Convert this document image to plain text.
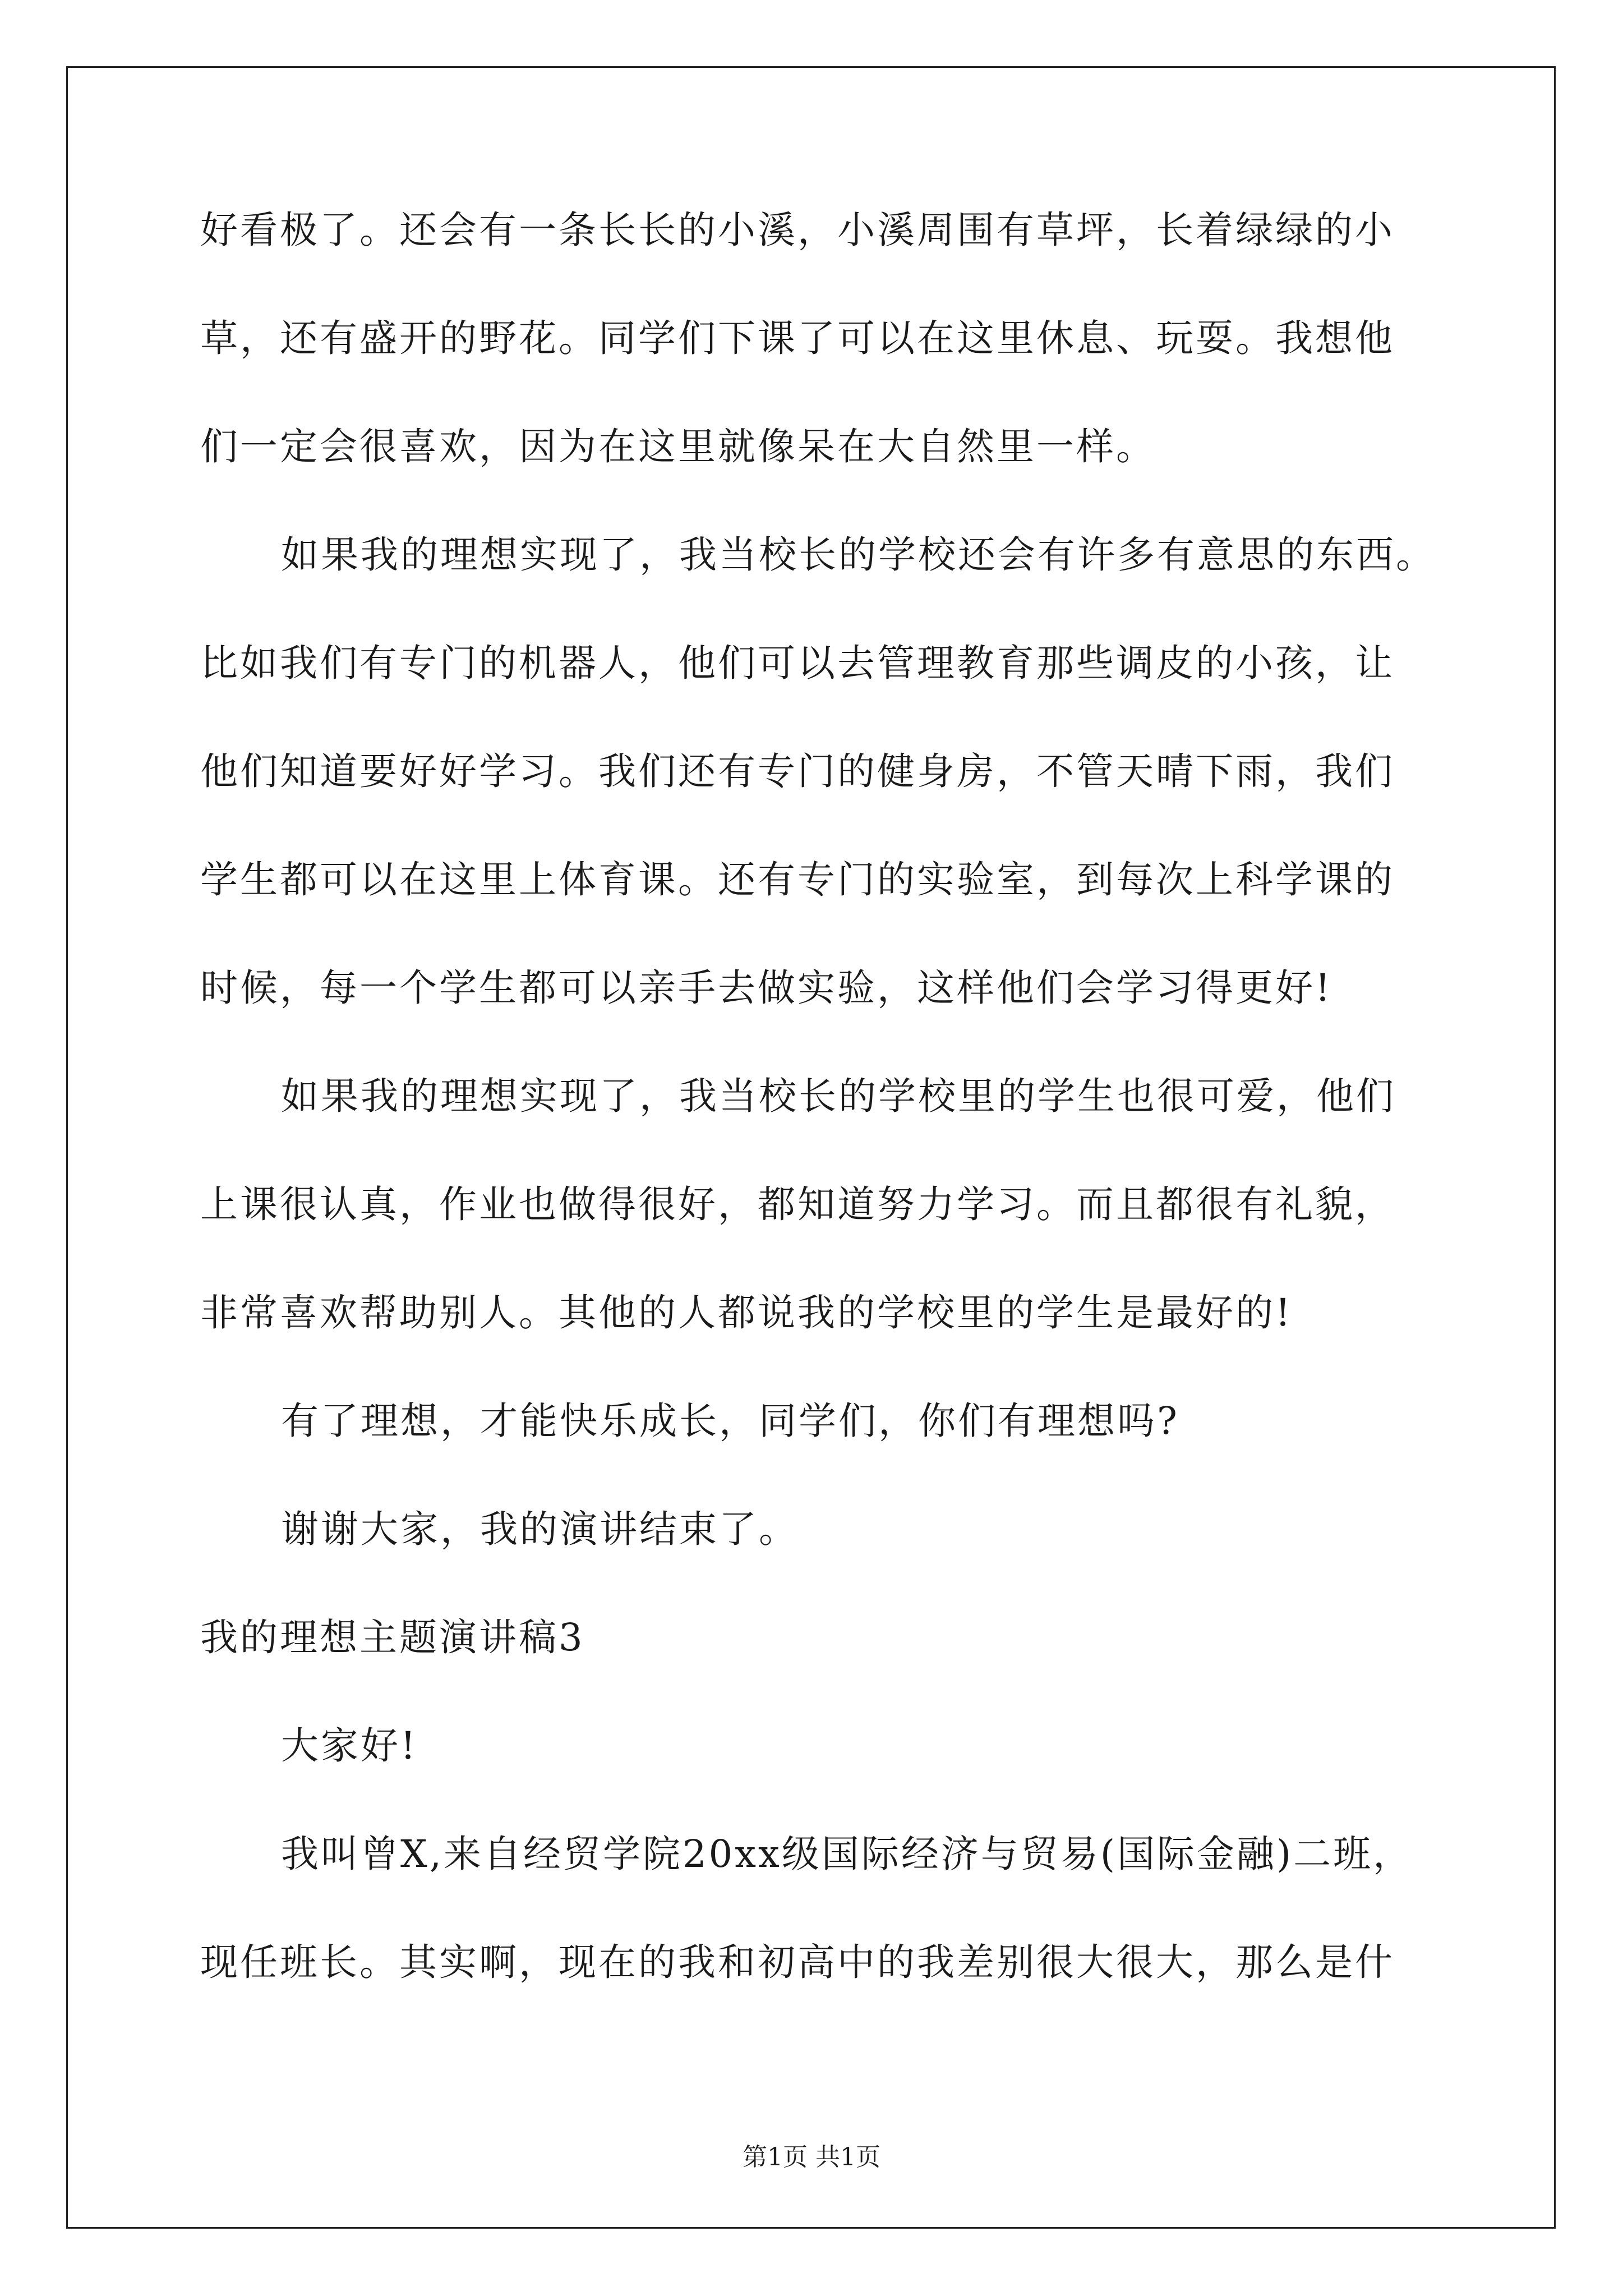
好看极了。还会有一条长长的小溪，小溪周围有草坪，长着绿绿的小
草，还有盛开的野花。同学们下课了可以在这里休息、玩耍。我想他
们一定会很喜欢，因为在这里就像呆在大自然里一样。
如果我的理想实现了，我当校长的学校还会有许多有意思的东西。
比如我们有专门的机器人，他们可以去管理教育那些调皮的小孩，让
他们知道要好好学习。我们还有专门的健身房，不管天晴下雨，我们
学生都可以在这里上体育课。还有专门的实验室，到每次上科学课的
时候，每一个学生都可以亲手去做实验，这样他们会学习得更好!
如果我的理想实现了，我当校长的学校里的学生也很可爱，他们
上课很认真，作业也做得很好，都知道努力学习。而且都很有礼貌，
非常喜欢帮助别人。其他的人都说我的学校里的学生是最好的!
有了理想，才能快乐成长，同学们，你们有理想吗?
谢谢大家，我的演讲结束了。
我的理想主题演讲稿3
大家好!
我叫曾X,来自经贸学院20xx级国际经济与贸易(国际金融)二班，
现任班长。其实啊，现在的我和初高中的我差别很大很大，那么是什
第1页 共1页
